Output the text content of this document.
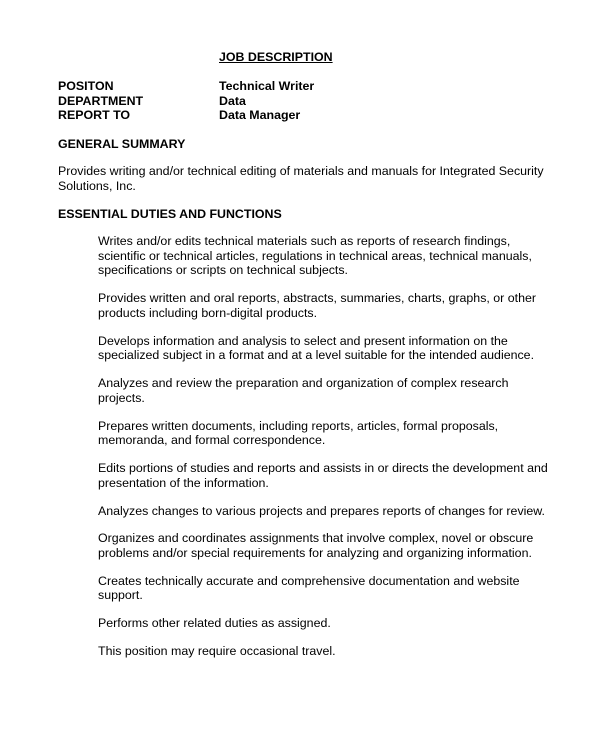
JOB DESCRIPTION
POSITON	Technical Writer
DEPARTMENT	Data
REPORT TO	Data Manager
GENERAL SUMMARY

Provides writing and/or technical editing of materials and manuals for Integrated Security Solutions, Inc.

ESSENTIAL DUTIES AND FUNCTIONS
Writes and/or edits technical materials such as reports of research findings, scientific or technical articles, regulations in technical areas, technical manuals, specifications or scripts on technical subjects.
Provides written and oral reports, abstracts, summaries, charts, graphs, or other products including born-digital products.
Develops information and analysis to select and present information on the specialized subject in a format and at a level suitable for the intended audience.
Analyzes and review the preparation and organization of complex research projects.
Prepares written documents, including reports, articles, formal proposals, memoranda, and formal correspondence.
Edits portions of studies and reports and assists in or directs the development and presentation of the information.
Analyzes changes to various projects and prepares reports of changes for review.
Organizes and coordinates assignments that involve complex, novel or obscure problems and/or special requirements for analyzing and organizing information.
Creates technically accurate and comprehensive documentation and website support.
Performs other related duties as assigned.
This position may require occasional travel.
